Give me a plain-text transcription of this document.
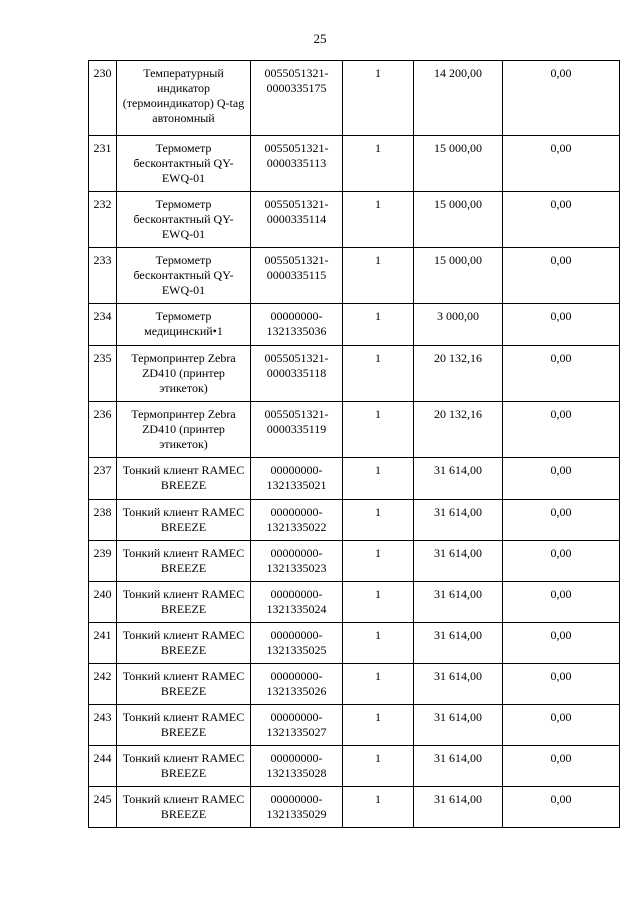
25
230	Температурный индикатор (термоиндикатор) Q-tag автономный	0055051321-0000335175	1	14 200,00	0,00
231	Термометр бесконтактный QY-EWQ-01	0055051321-0000335113	1	15 000,00	0,00
232	Термометр бесконтактный QY-EWQ-01	0055051321-0000335114	1	15 000,00	0,00
233	Термометр бесконтактный QY-EWQ-01	0055051321-0000335115	1	15 000,00	0,00
234	Термометр медицинский•1	00000000-1321335036	1	3 000,00	0,00
235	Термопринтер Zebra ZD410 (принтер этикеток)	0055051321-0000335118	1	20 132,16	0,00
236	Термопринтер Zebra ZD410 (принтер этикеток)	0055051321-0000335119	1	20 132,16	0,00
237	Тонкий клиент RAMEC BREEZE	00000000-1321335021	1	31 614,00	0,00
238	Тонкий клиент RAMEC BREEZE	00000000-1321335022	1	31 614,00	0,00
239	Тонкий клиент RAMEC BREEZE	00000000-1321335023	1	31 614,00	0,00
240	Тонкий клиент RAMEC BREEZE	00000000-1321335024	1	31 614,00	0,00
241	Тонкий клиент RAMEC BREEZE	00000000-1321335025	1	31 614,00	0,00
242	Тонкий клиент RAMEC BREEZE	00000000-1321335026	1	31 614,00	0,00
243	Тонкий клиент RAMEC BREEZE	00000000-1321335027	1	31 614,00	0,00
244	Тонкий клиент RAMEC BREEZE	00000000-1321335028	1	31 614,00	0,00
245	Тонкий клиент RAMEC BREEZE	00000000-1321335029	1	31 614,00	0,00
